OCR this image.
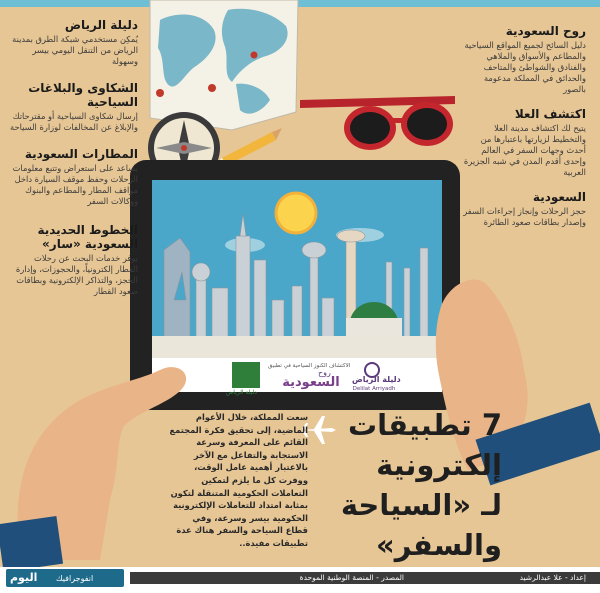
دليلة الرياض

يُمكِن مستخدمي شبكة الطرق بمدينة الرياض من التنقل اليومي بيسر وسهولة

الشكاوى والبلاغات السياحية

إرسال شكاوى السياحية أو مقترحاتك والإبلاغ عن المخالفات لوزارة السياحة

المطارات السعودية

يساعد على استعراض وتتبع معلومات الرحلات وحفظ موقف السيارة داخل مواقف المطار والمطاعم والبنوك ووكالات السفر

الخطوط الحديدية السعودية «سار»

يوفر خدمات البحث عن رحلات القطار إلكترونياً، والحجوزات، وإدارة الحجز، والتذاكر الإلكترونية وبطاقات صعود القطار

روح السعودية

دليل السائح لجميع المواقع السياحية والمطاعم والأسواق والملاهي والفنادق والشواطئ والمتاحف والحدائق في المملكة مدعومة بالصور

اكتشف العلا

يتيح لك اكتشاف مدينة العلا والتخطيط لزيارتها باعتبارها من أحدث وجهات السفر في العالم وإحدى أقدم المدن في شبه الجزيرة العربية

السعودية

حجز الرحلات وإنجاز إجراءات السفر وإصدار بطاقات صعود الطائرة

دليلة الرياض
الاكتشاف الكنوز السياحية في تطبيق
روح
السعودية	دليلة الرياض
Delilat Arriyadh
7 تطبيقات
إلكترونية
لـ «السياحة
والسفر»
سعت المملكة، خلال الأعوام الماضية، إلى تحقيق فكرة المجتمع القائم على المعرفة وسرعة الاستجابة والتفاعل مع الآخر بالاعتبار أهمية عامل الوقت، ووفرت كل ما يلزم لتمكين التعاملات الحكومية المتنقلة لتكون بمثابة امتداد للتعاملات الإلكترونية الحكومية بيسر وسرعة، وفي قطاع السياحة والسفر هناك عدة تطبيقات مفيدة..
إعداد - علا عبدالرشيد
المصدر - المنصة الوطنية الموحدة
اليوم انفوجرافيك
